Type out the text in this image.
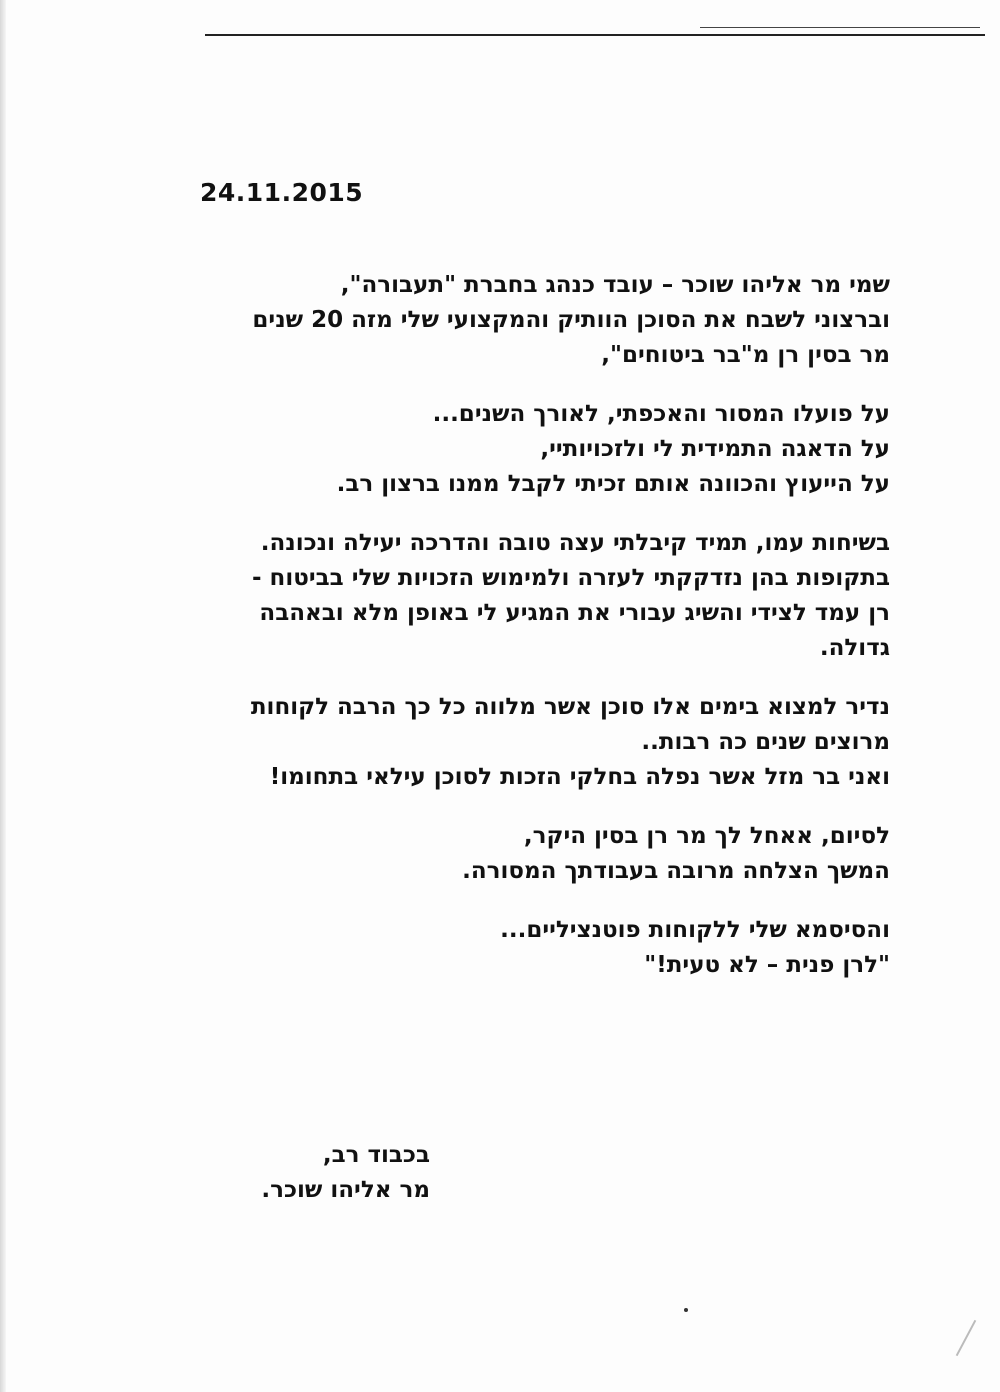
24.11.2015

שמי מר אליהו שוכר – עובד כנהג בחברת "תעבורה",
וברצוני לשבח את הסוכן הוותיק והמקצועי שלי מזה 20 שנים
מר בסין רן מ"בר ביטוחים",

על פועלו המסור והאכפתי, לאורך השנים...
על הדאגה התמידית לי ולזכויותיי,
על הייעוץ והכוונה אותם זכיתי לקבל ממנו ברצון רב.

בשיחות עמו, תמיד קיבלתי עצה טובה והדרכה יעילה ונכונה.
בתקופות בהן נזדקקתי לעזרה ולמימוש הזכויות שלי בביטוח -
רן עמד לצידי והשיג עבורי את המגיע לי באופן מלא ובאהבה
גדולה.

נדיר למצוא בימים אלו סוכן אשר מלווה כל כך הרבה לקוחות
מרוצים שנים כה רבות..
ואני בר מזל אשר נפלה בחלקי הזכות לסוכן עילאי בתחומו!

לסיום, אאחל לך מר רן בסין היקר,
המשך הצלחה מרובה בעבודתך המסורה.

והסיסמא שלי ללקוחות פוטנציליים...
"לרן פנית – לא טעית!"

בכבוד רב,
מר אליהו שוכר.
